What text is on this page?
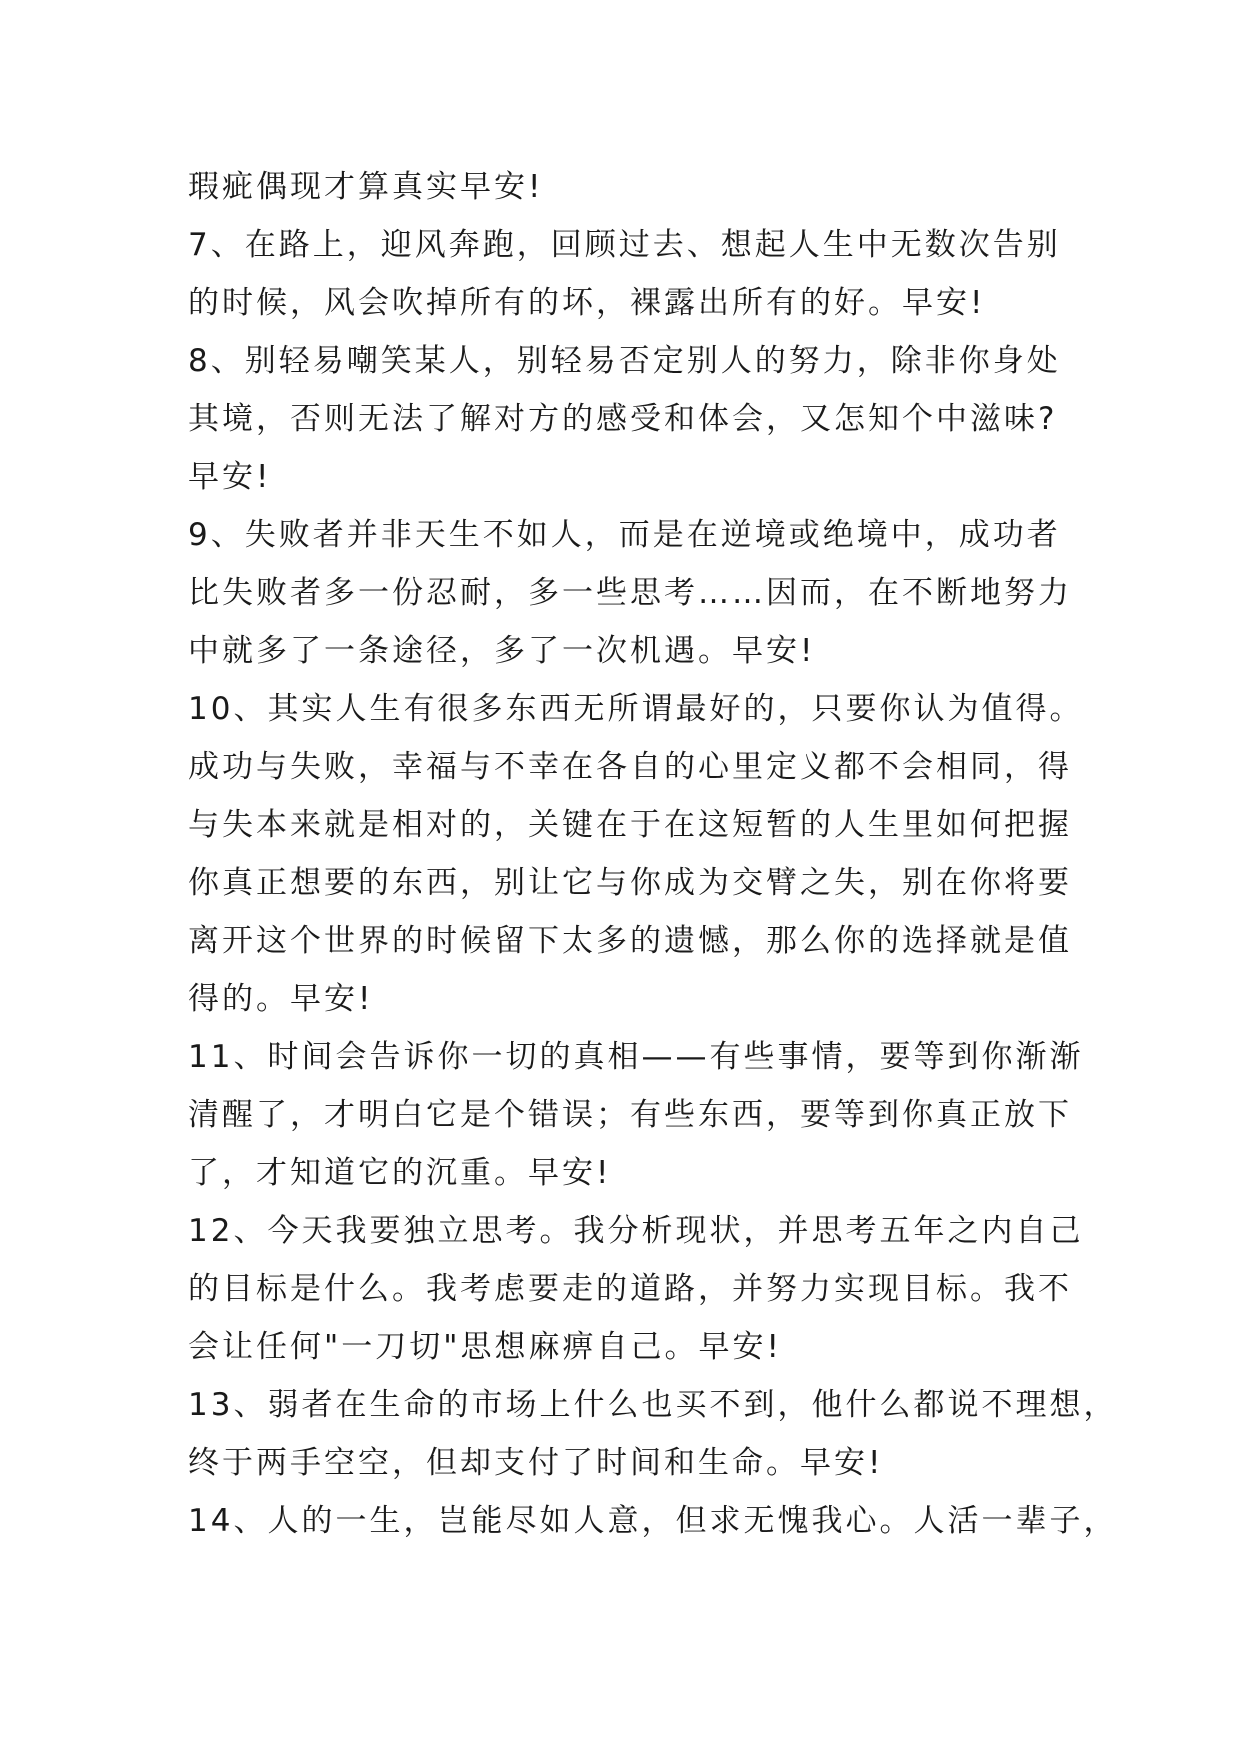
瑕疵偶现才算真实早安!
7、在路上，迎风奔跑，回顾过去、想起人生中无数次告别
的时候，风会吹掉所有的坏，裸露出所有的好。早安!
8、别轻易嘲笑某人，别轻易否定别人的努力，除非你身处
其境，否则无法了解对方的感受和体会，又怎知个中滋味?
早安!
9、失败者并非天生不如人，而是在逆境或绝境中，成功者
比失败者多一份忍耐，多一些思考……因而，在不断地努力
中就多了一条途径，多了一次机遇。早安!
10、其实人生有很多东西无所谓最好的，只要你认为值得。
成功与失败，幸福与不幸在各自的心里定义都不会相同，得
与失本来就是相对的，关键在于在这短暂的人生里如何把握
你真正想要的东西，别让它与你成为交臂之失，别在你将要
离开这个世界的时候留下太多的遗憾，那么你的选择就是值
得的。早安!
11、时间会告诉你一切的真相——有些事情，要等到你渐渐
清醒了，才明白它是个错误；有些东西，要等到你真正放下
了，才知道它的沉重。早安!
12、今天我要独立思考。我分析现状，并思考五年之内自己
的目标是什么。我考虑要走的道路，并努力实现目标。我不
会让任何"一刀切"思想麻痹自己。早安!
13、弱者在生命的市场上什么也买不到，他什么都说不理想，
终于两手空空，但却支付了时间和生命。早安!
14、人的一生，岂能尽如人意，但求无愧我心。人活一辈子，
